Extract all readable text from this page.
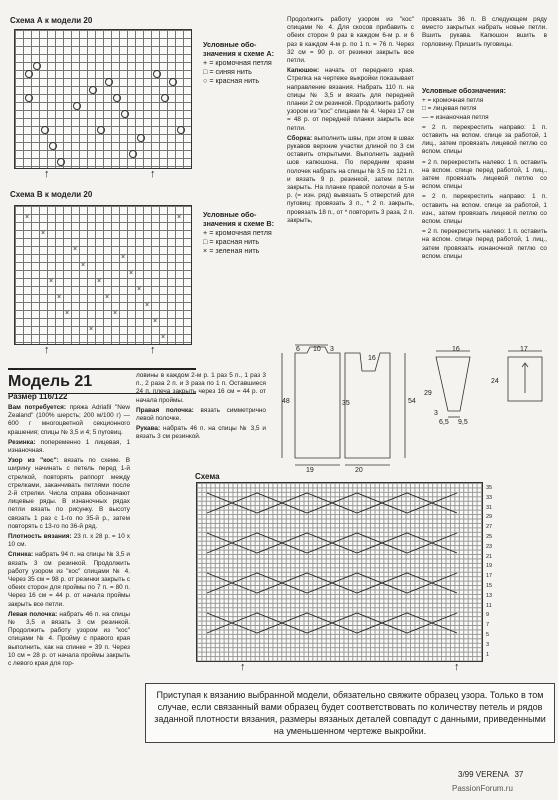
Схема А к модели 20
↑	↑
Условные обо-значения к схеме А:
+ = кромочная петля
□ = синяя нить
○ = красная нить
Схема В к модели 20
×
×
×
×
×
×
×
×
×
×
×
×
×
×
×
×
×
×
↑	↑
Условные обо-значения к схеме В:
+ = кромочная петля
□ = красная нить
× = зеленая нить
Модель 21
Размер 116/122

Вам потребуется: пряжа Adriafil "New Zealand" (100% шерсть; 200 м/100 г) — 600 г многоцветной секционного крашения; спицы № 3,5 и 4; 5 пуговиц.

Резинка: попеременно 1 лицевая, 1 изнаночная.

Узор из "кос": вязать по схеме. В ширину начинать с петель перед 1-й стрелкой, повторять раппорт между стрелками, заканчивать петлями после 2-й стрелки. Числа справа обозначают лицевые ряды. В изнаночных рядах петли вязать по рисунку. В высоту связать 1 раз с 1-го по 35-й р., затем повторять с 13-го по 36-й ряд.

Плотность вязания: 23 п. х 28 р. = 10 х 10 см.

Спинка: набрать 94 п. на спицы № 3,5 и вязать 3 см резинкой. Продолжить работу узором из "кос" спицами № 4. Через 35 см = 98 р. от резинки закрыть с обеих сторон для проймы по 7 п. = 80 п. Через 16 см = 44 р. от начала проймы закрыть все петли.

Левая полочка: набрать 46 п. на спицы № 3,5 и вязать 3 см резинкой. Продолжить работу узором из "кос" спицами № 4. Пройму с правого края выполнить, как на спинке = 39 п. Через 10 см = 28 р. от начала проймы закрыть с левого края для гор-

ловины в каждом 2-м р. 1 раз 5 п., 1 раз 3 п., 2 раза 2 п. и 3 раза по 1 п. Оставшиеся 24 п. плеча закрыть через 16 см = 44 р. от начала проймы.

Правая полочка: вязать симметрично левой полочке.

Рукава: набрать 46 п. на спицы № 3,5 и вязать 3 см резинкой.

Продолжить работу узором из "кос" спицами № 4. Для скосов прибавить с обеих сторон 9 раз в каждом 6-м р. и 6 раз в каждом 4-м р. по 1 п. = 76 п. Через 32 см = 90 р. от резинки закрыть все петли.

Капюшон: начать от переднего края. Стрелка на чертеже выкройки показывает направление вязания. Набрать 110 п. на спицы № 3,5 и вязать для передней планки 2 см резинкой. Продолжить работу узором из "кос" спицами № 4. Через 17 см = 48 р. от передней планки закрыть все петли.

Сборка: выполнить швы, при этом в швах рукавов верхние участки длиной по 3 см оставить открытыми. Выполнить задний шов капюшона. По передним краям полочек набрать на спицы № 3,5 по 121 п. и вязать 9 р. резинкой, затем петли закрыть. На планке правой полочки в 5-м р. (= изн. ряд) вывязать 5 отверстий для пуговиц: провязать 3 п., * 2 п. закрыть, провязать 18 п., от * повторить 3 раза, 2 п. закрыть,

провязать 36 п. В следующем ряду вместо закрытых набрать новые петли. Вшить рукава. Капюшон вшить в горловину. Пришить пуговицы.

Условные обозначения:
+ = кромочная петля
□ = лицевая петля
— = изнаночная петля
= 2 п. перекрестить направо: 1 п. оставить на вспом. спице за работой, 1 лиц., затем провязать лицевой петлю со вспом. спицы
= 2 п. перекрестить налево: 1 п. оставить на вспом. спице перед работой, 1 лиц., затем провязать лицевой петлю со вспом. спицы
= 2 п. перекрестить направо: 1 п. оставить на вспом. спице за работой, 1 изн., затем провязать лицевой петлю со вспом. спицы
= 2 п. перекрестить налево: 1 п. оставить на вспом. спице перед работой, 1 лиц., затем провязать изнаночной петлю со вспом. спицы
6 10 3
48	35
16
19	20
54
16
29
3
6,5 9,5
24
17
Схема
35
33
31
29
27
25
23
21
19
17
15
13
11
9
7
5
3
1
↑	↑
Приступая к вязанию выбранной модели, обязательно свяжите образец узора. Только в том случае, если связанный вами образец будет соответствовать по количеству петель и рядов заданной плотности вязания, размеры вязаных деталей совпадут с данными, приведенными на уменьшенном чертеже выкройки.
3/99 VERENA 37
PassionForum.ru
